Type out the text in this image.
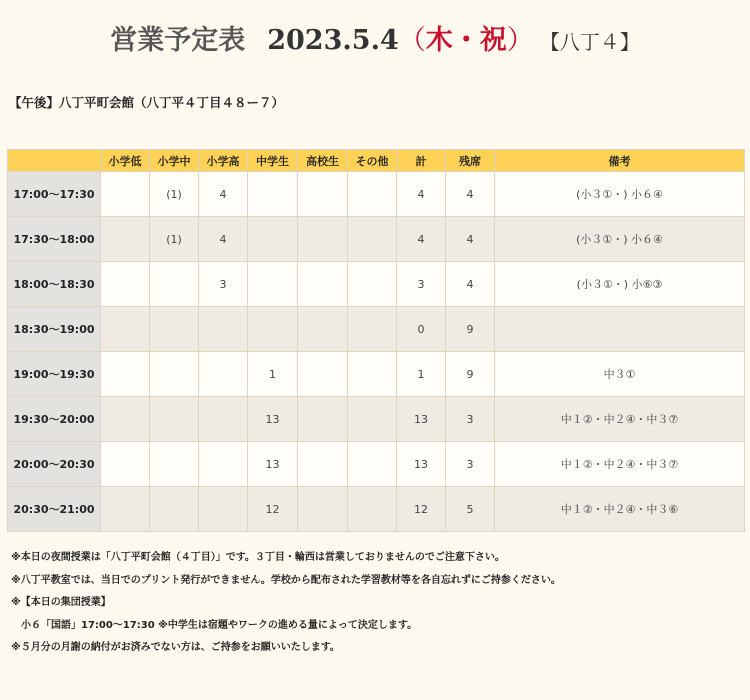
営業予定表 2023.5.4（木・祝） 【八丁４】
【午後】八丁平町会館（八丁平４丁目４８ー７）
	小学低	小学中	小学高	中学生	高校生	その他	計	残席	備考
17:00〜17:30		(1)	4				4	4	(小３①・) 小６④
17:30〜18:00		(1)	4				4	4	(小３①・) 小６④
18:00〜18:30			3				3	4	(小３①・) 小⑥③
18:30〜19:00							0	9	
19:00〜19:30				1			1	9	中３①
19:30〜20:00				13			13	3	中１②・中２④・中３⑦
20:00〜20:30				13			13	3	中１②・中２④・中３⑦
20:30〜21:00				12			12	5	中１②・中２④・中３⑥
※本日の夜間授業は「八丁平町会館（４丁目）」です。３丁目・輪西は営業しておりませんのでご注意下さい。
※八丁平教室では、当日でのプリント発行ができません。学校から配布された学習教材等を各自忘れずにご持参ください。
※【本日の集団授業】
小６「国語」17:00〜17:30 ※中学生は宿題やワークの進める量によって決定します。
※５月分の月謝の納付がお済みでない方は、ご持参をお願いいたします。
